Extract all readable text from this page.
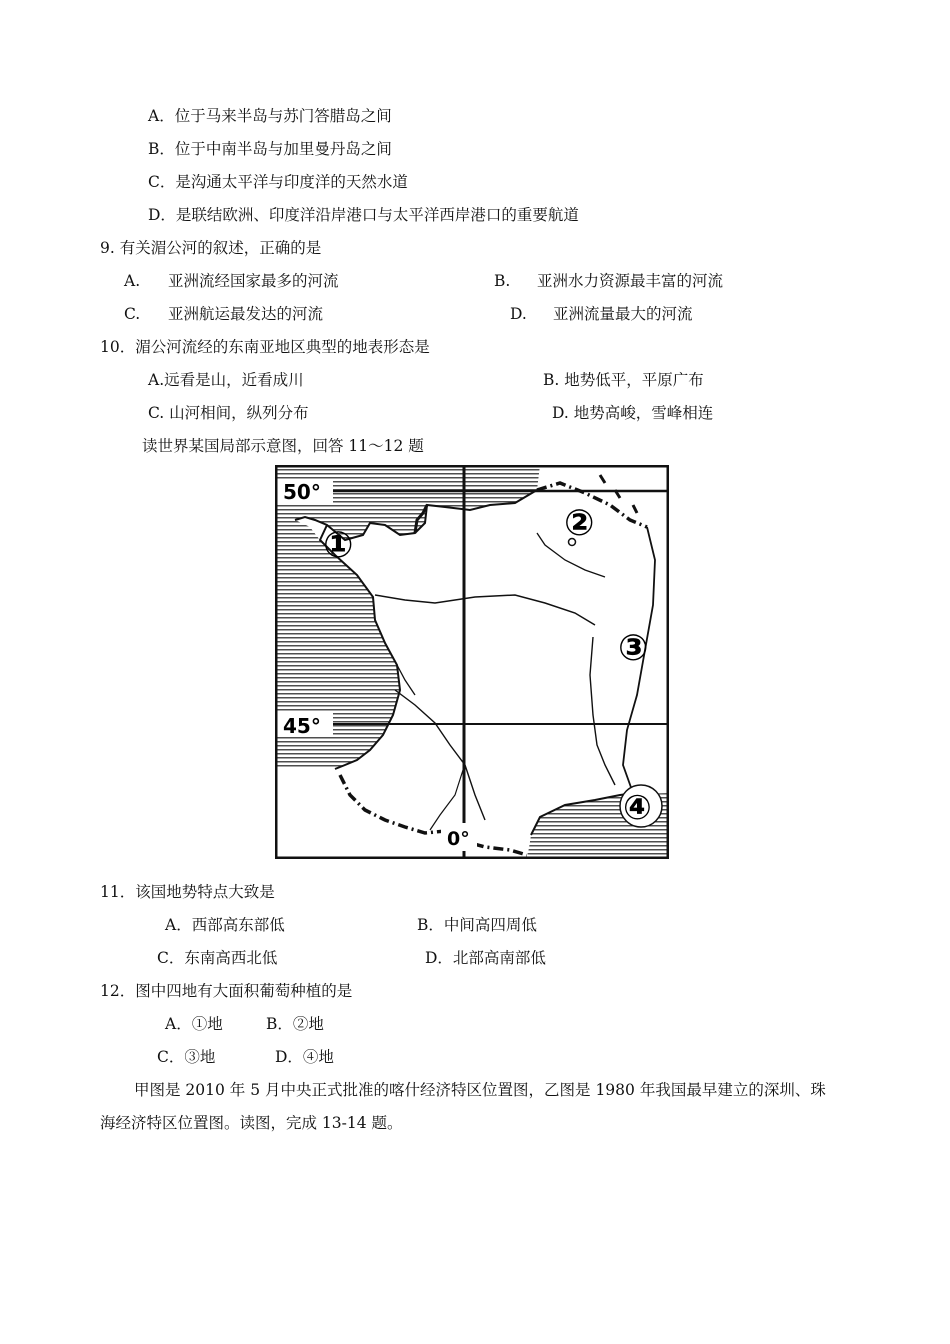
A．位于马来半岛与苏门答腊岛之间
B．位于中南半岛与加里曼丹岛之间
C．是沟通太平洋与印度洋的天然水道
D．是联结欧洲、印度洋沿岸港口与太平洋西岸港口的重要航道
9. 有关湄公河的叙述，正确的是
A. 亚洲流经国家最多的河流	B. 亚洲水力资源最丰富的河流
C. 亚洲航运最发达的河流	D. 亚洲流量最大的河流
10．湄公河流经的东南亚地区典型的地表形态是
A.远看是山，近看成川	B. 地势低平，平原广布
C. 山河相间，纵列分布	D. 地势高峻，雪峰相连
读世界某国局部示意图，回答 11～12 题
50°
45°
0°
①
②
③
④
11．该国地势特点大致是
A．西部高东部低	B．中间高四周低
C．东南高西北低	D．北部高南部低
12．图中四地有大面积葡萄种植的是
A．①地	B．②地
C．③地	D．④地
甲图是 2010 年 5 月中央正式批准的喀什经济特区位置图，乙图是 1980 年我国最早建立的深圳、珠
海经济特区位置图。读图，完成 13-14 题。
